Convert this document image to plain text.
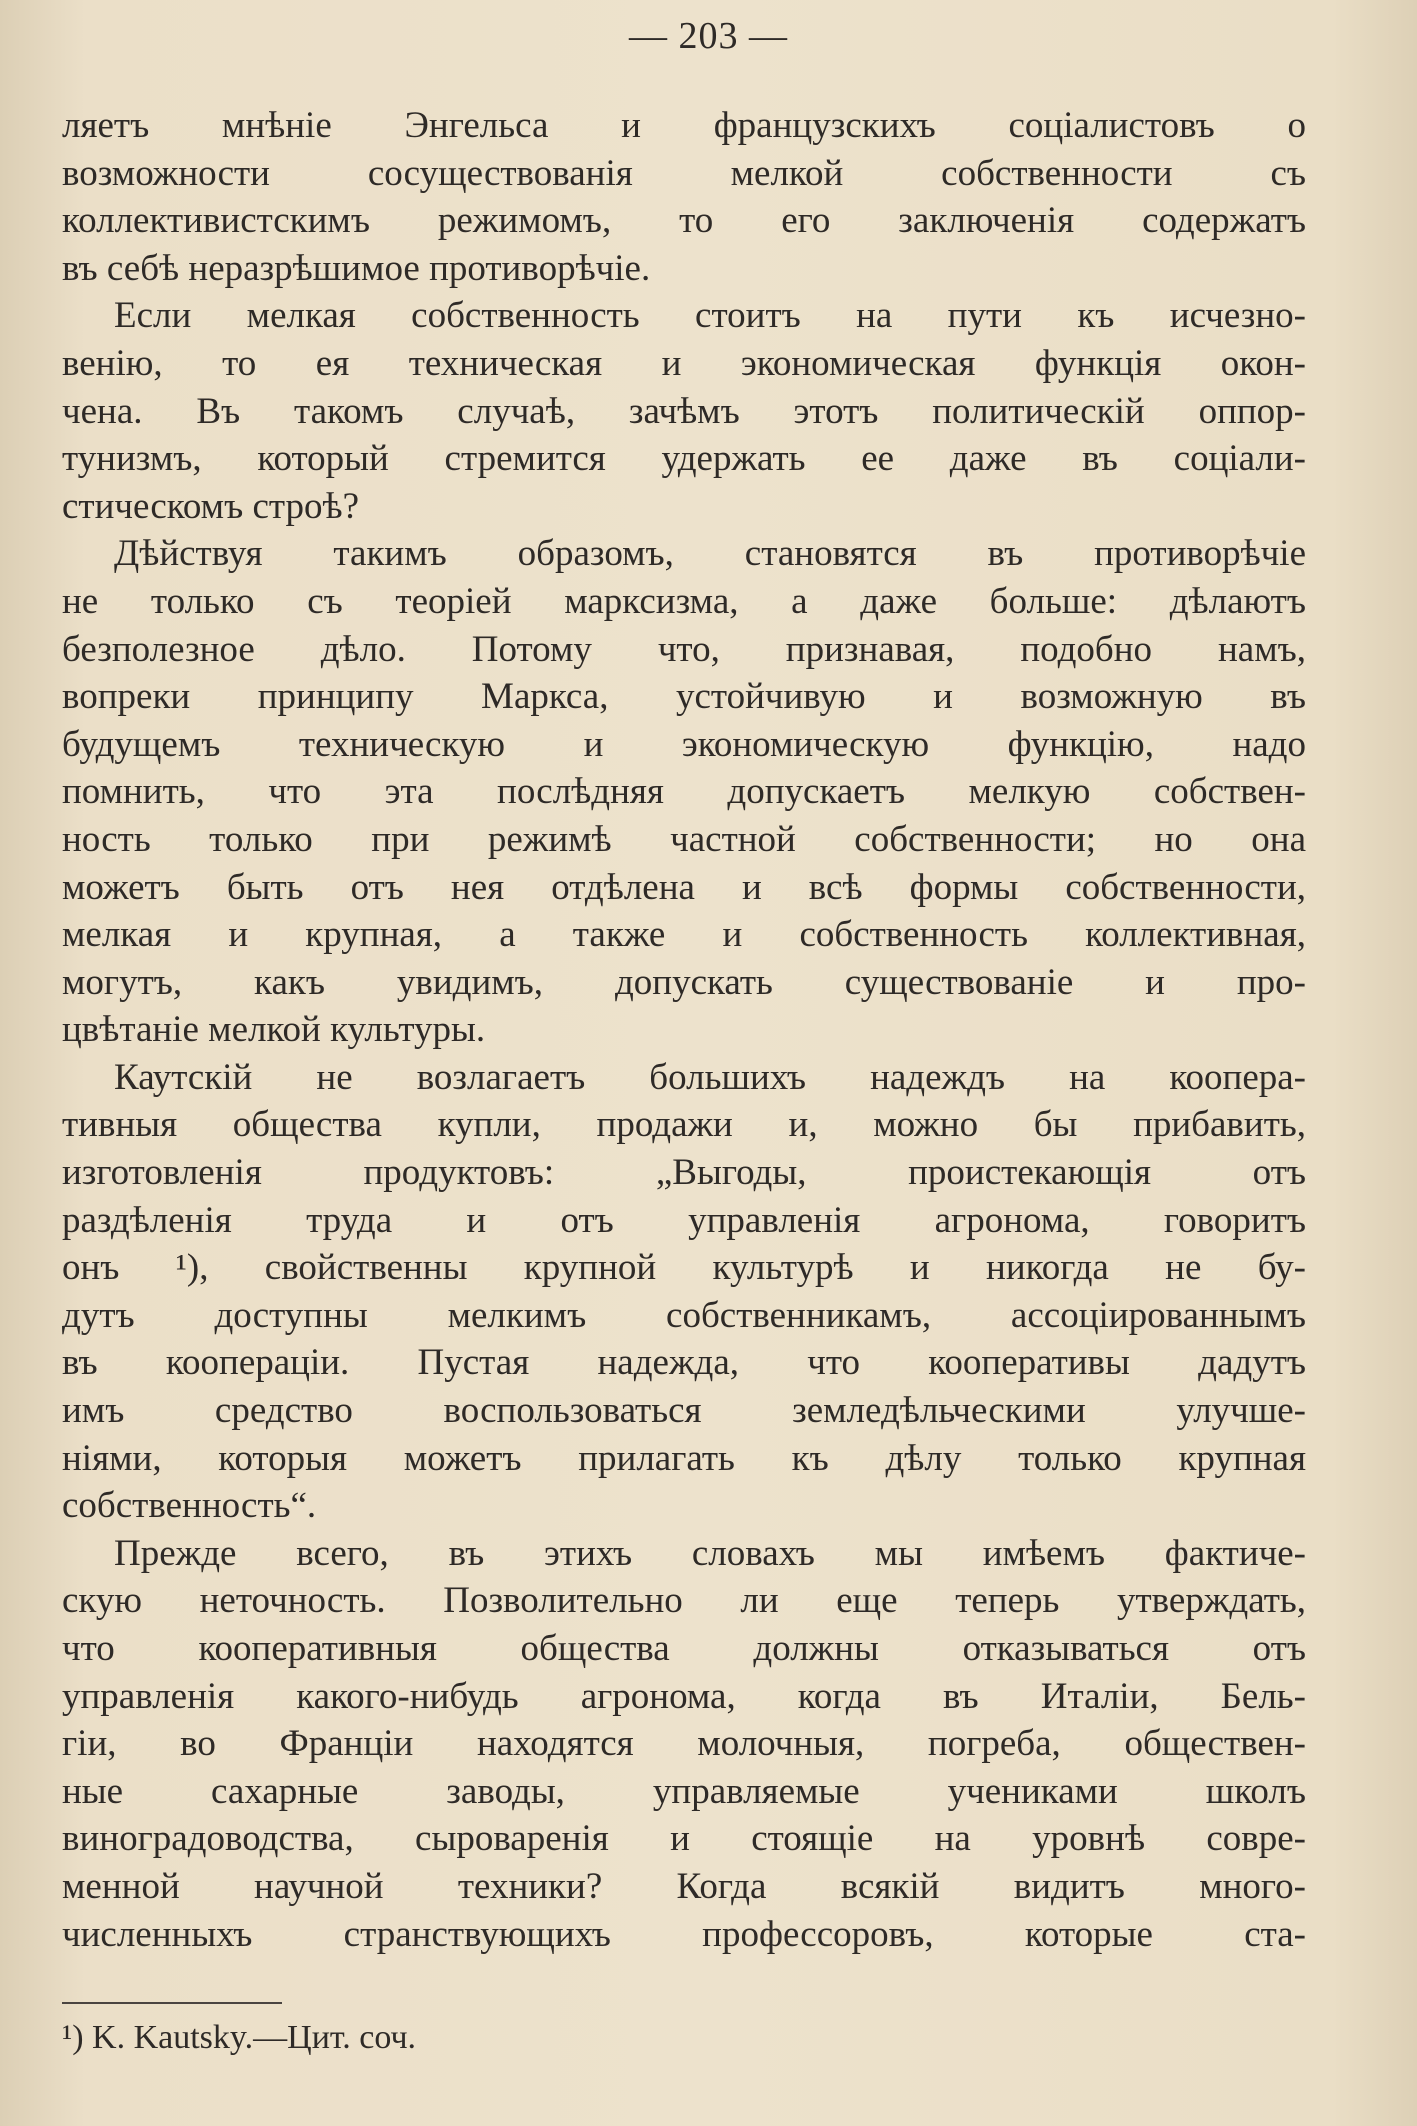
— 203 —
ляетъ мнѣніе Энгельса и французскихъ соціалистовъ о
возможности сосуществованія мелкой собственности съ
коллективистскимъ режимомъ, то его заключенія содержатъ
въ себѣ неразрѣшимое противорѣчіе.
Если мелкая собственность стоитъ на пути къ исчезно-
венію, то ея техническая и экономическая функція окон-
чена. Въ такомъ случаѣ, зачѣмъ этотъ политическій оппор-
тунизмъ, который стремится удержать ее даже въ соціали-
стическомъ строѣ?
Дѣйствуя такимъ образомъ, становятся въ противорѣчіе
не только съ теоріей марксизма, а даже больше: дѣлаютъ
безполезное дѣло. Потому что, признавая, подобно намъ,
вопреки принципу Маркса, устойчивую и возможную въ
будущемъ техническую и экономическую функцію, надо
помнить, что эта послѣдняя допускаетъ мелкую собствен-
ность только при режимѣ частной собственности; но она
можетъ быть отъ нея отдѣлена и всѣ формы собственности,
мелкая и крупная, а также и собственность коллективная,
могутъ, какъ увидимъ, допускать существованіе и про-
цвѣтаніе мелкой культуры.
Каутскій не возлагаетъ большихъ надеждъ на коопера-
тивныя общества купли, продажи и, можно бы прибавить,
изготовленія продуктовъ: „Выгоды, проистекающія отъ
раздѣленія труда и отъ управленія агронома, говоритъ
онъ ¹), свойственны крупной культурѣ и никогда не бу-
дутъ доступны мелкимъ собственникамъ, ассоціированнымъ
въ коопераціи. Пустая надежда, что кооперативы дадутъ
имъ средство воспользоваться земледѣльческими улучше-
ніями, которыя можетъ прилагать къ дѣлу только крупная
собственность“.
Прежде всего, въ этихъ словахъ мы имѣемъ фактиче-
скую неточность. Позволительно ли еще теперь утверждать,
что кооперативныя общества должны отказываться отъ
управленія какого-нибудь агронома, когда въ Италіи, Бель-
гіи, во Франціи находятся молочныя, погреба, обществен-
ные сахарные заводы, управляемые учениками школъ
виноградоводства, сыроваренія и стоящіе на уровнѣ совре-
менной научной техники? Когда всякій видитъ много-
численныхъ странствующихъ профессоровъ, которые ста-
¹) K. Kautsky.—Цит. соч.
